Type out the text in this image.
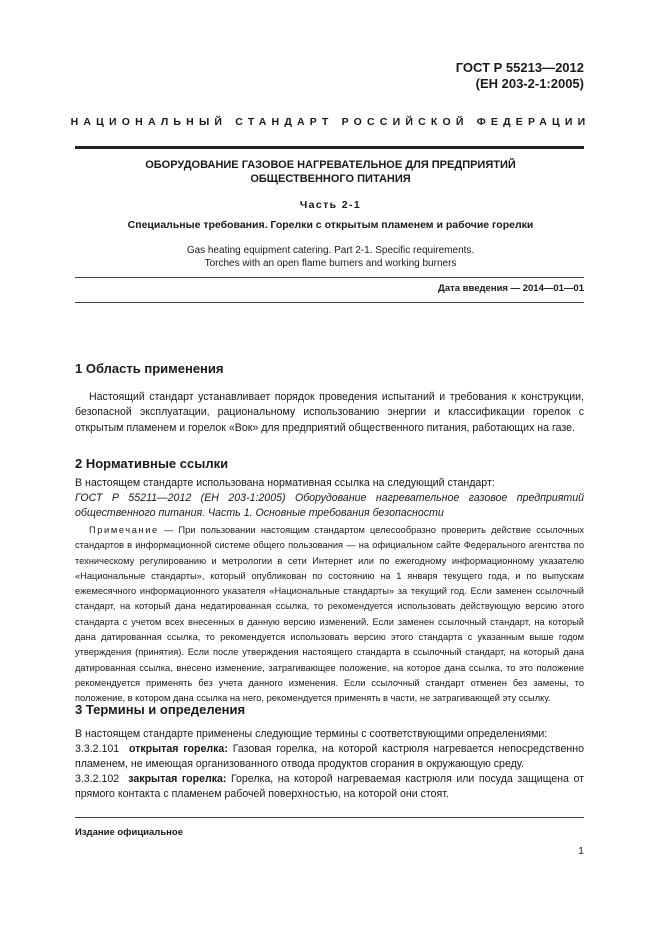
ГОСТ Р 55213—2012
(ЕН 203-2-1:2005)
НАЦИОНАЛЬНЫЙ СТАНДАРТ РОССИЙСКОЙ ФЕДЕРАЦИИ
ОБОРУДОВАНИЕ ГАЗОВОЕ НАГРЕВАТЕЛЬНОЕ ДЛЯ ПРЕДПРИЯТИЙ
ОБЩЕСТВЕННОГО ПИТАНИЯ
Часть 2-1
Специальные требования. Горелки с открытым пламенем и рабочие горелки
Gas heating equipment catering. Part 2-1. Specific requirements.
Torches with an open flame burners and working burners
Дата введения — 2014—01—01
1 Область применения

Настоящий стандарт устанавливает порядок проведения испытаний и требования к конструкции, безопасной эксплуатации, рациональному использованию энергии и классификации горелок с открытым пламенем и горелок «Вок» для предприятий общественного питания, работающих на газе.

2 Нормативные ссылки

В настоящем стандарте использована нормативная ссылка на следующий стандарт:

ГОСТ Р 55211—2012 (ЕН 203-1:2005) Оборудование нагревательное газовое предприятий общественного питания. Часть 1. Основные требования безопасности

Примечание — При пользовании настоящим стандартом целесообразно проверить действие ссылочных стандартов в информационной системе общего пользования — на официальном сайте Федерального агентства по техническому регулированию и метрологии в сети Интернет или по ежегодному информационному указателю «Национальные стандарты», который опубликован по состоянию на 1 января текущего года, и по выпускам ежемесячного информационного указателя «Национальные стандарты» за текущий год. Если заменен ссылочный стандарт, на который дана недатированная ссылка, то рекомендуется использовать действующую версию этого стандарта с учетом всех внесенных в данную версию изменений. Если заменен ссылочный стандарт, на который дана датированная ссылка, то рекомендуется использовать версию этого стандарта с указанным выше годом утверждения (принятия). Если после утверждения настоящего стандарта в ссылочный стандарт, на который дана датированная ссылка, внесено изменение, затрагивающее положение, на которое дана ссылка, то это положение рекомендуется применять без учета данного изменения. Если ссылочный стандарт отменен без замены, то положение, в котором дана ссылка на него, рекомендуется применять в части, не затрагивающей эту ссылку.

3 Термины и определения

В настоящем стандарте применены следующие термины с соответствующими определениями:

3.3.2.101 открытая горелка: Газовая горелка, на которой кастрюля нагревается непосредственно пламенем, не имеющая организованного отвода продуктов сгорания в окружающую среду.

3.3.2.102 закрытая горелка: Горелка, на которой нагреваемая кастрюля или посуда защищена от прямого контакта с пламенем рабочей поверхностью, на которой они стоят.

Издание официальное
1
